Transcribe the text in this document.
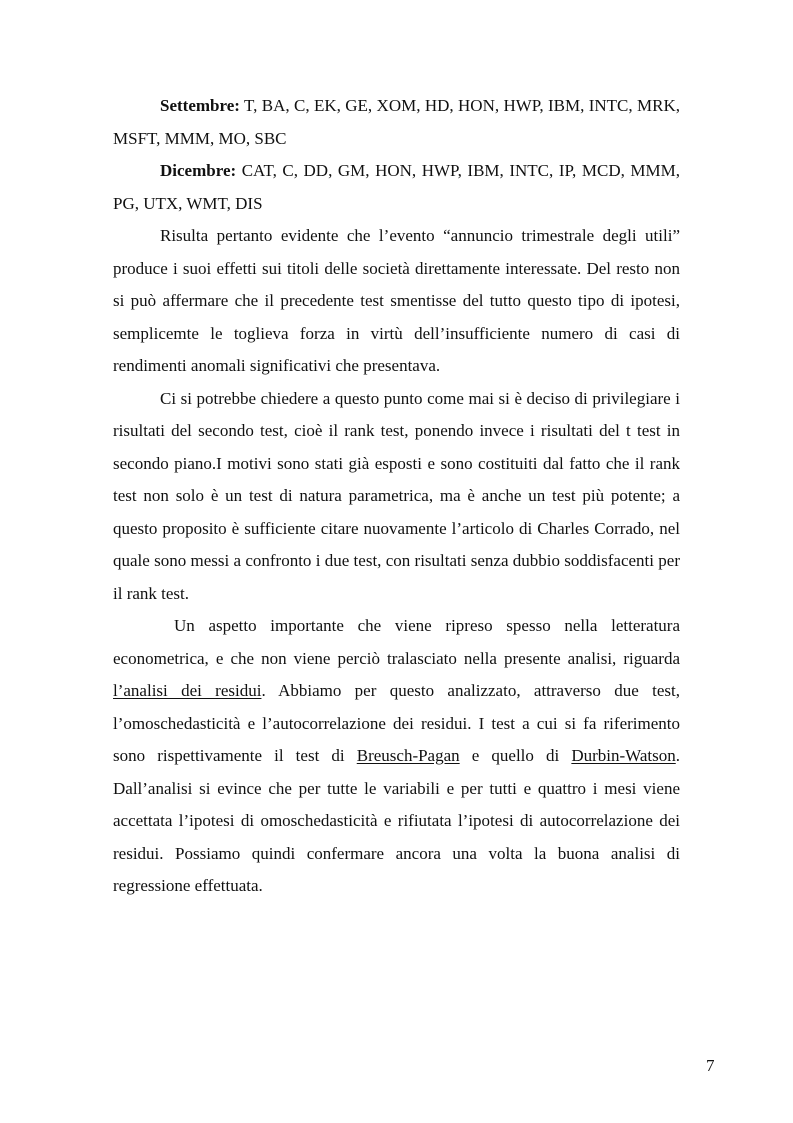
Settembre: T, BA, C, EK, GE, XOM, HD, HON, HWP, IBM, INTC, MRK, MSFT, MMM, MO, SBC

Dicembre: CAT, C, DD, GM, HON, HWP, IBM, INTC, IP, MCD, MMM, PG, UTX, WMT, DIS

Risulta pertanto evidente che l’evento “annuncio trimestrale degli utili” produce i suoi effetti sui titoli delle società direttamente interessate. Del resto non si può affermare che il precedente test smentisse del tutto questo tipo di ipotesi, semplicemte le toglieva forza in virtù dell’insufficiente numero di casi di rendimenti anomali significativi che presentava.

Ci si potrebbe chiedere a questo punto come mai si è deciso di privilegiare i risultati del secondo test, cioè il rank test, ponendo invece i risultati del t test in secondo piano.I motivi sono stati già esposti e sono costituiti dal fatto che il rank test non solo è un test di natura parametrica, ma è anche un test più potente; a questo proposito è sufficiente citare nuovamente l’articolo di Charles Corrado, nel quale sono messi a confronto i due test, con risultati senza dubbio soddisfacenti per il rank test.

Un aspetto importante che viene ripreso spesso nella letteratura econometrica, e che non viene perciò tralasciato nella presente analisi, riguarda l’analisi dei residui. Abbiamo per questo analizzato, attraverso due test, l’omoschedasticità e l’autocorrelazione dei residui. I test a cui si fa riferimento sono rispettivamente il test di Breusch-Pagan e quello di Durbin-Watson. Dall’analisi si evince che per tutte le variabili e per tutti e quattro i mesi viene accettata l’ipotesi di omoschedasticità e rifiutata l’ipotesi di autocorrelazione dei residui. Possiamo quindi confermare ancora una volta la buona analisi di regressione effettuata.

7
